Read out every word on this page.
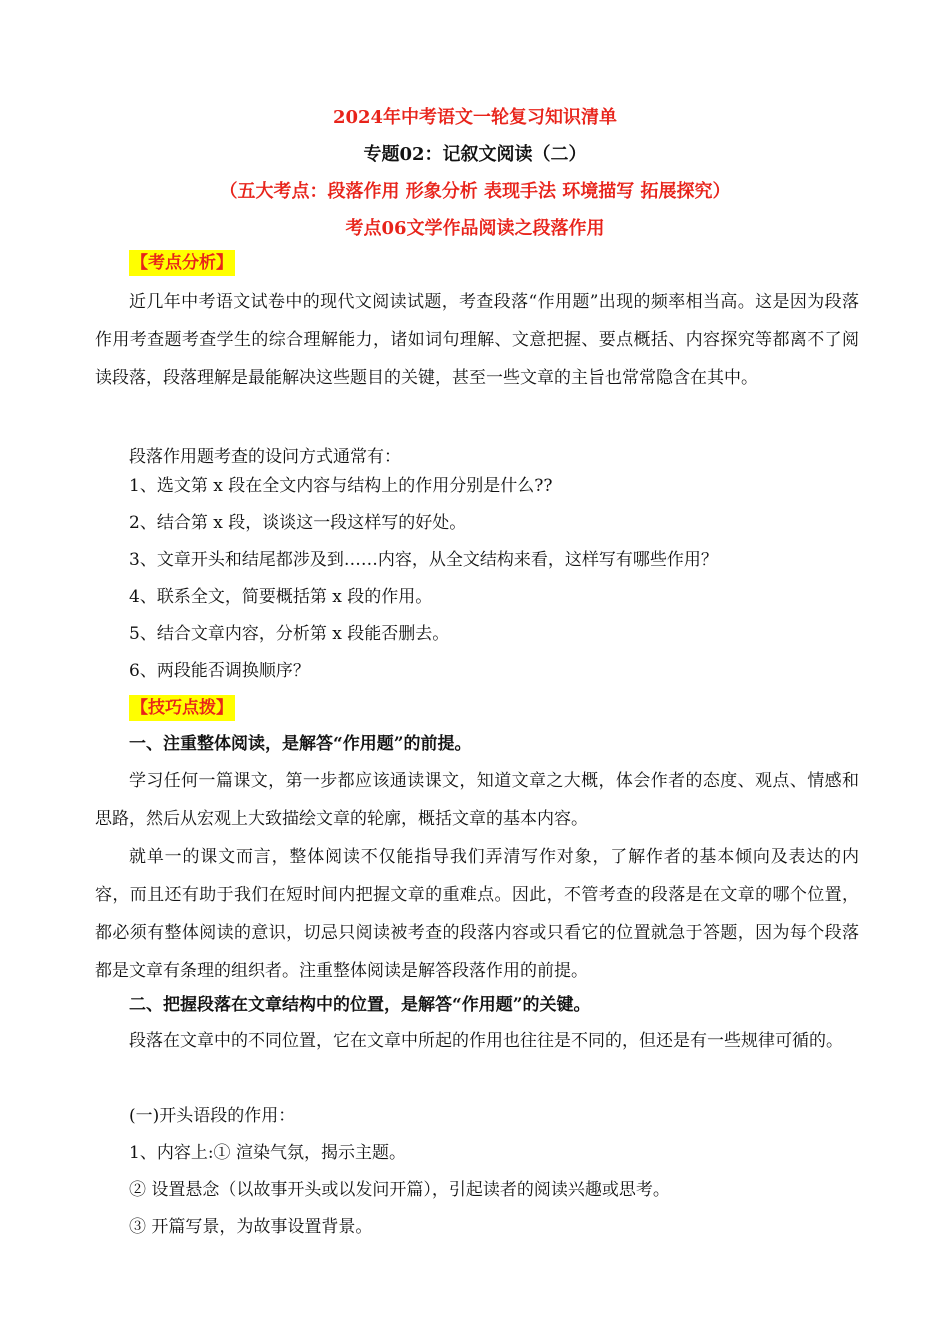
2024年中考语文一轮复习知识清单
专题02：记叙文阅读（二）
（五大考点：段落作用 形象分析 表现手法 环境描写 拓展探究）
考点06文学作品阅读之段落作用
【考点分析】
近几年中考语文试卷中的现代文阅读试题，考查段落“作用题”出现的频率相当高。这是因为段落作用考查题考查学生的综合理解能力，诸如词句理解、文意把握、要点概括、内容探究等都离不了阅读段落，段落理解是最能解决这些题目的关键，甚至一些文章的主旨也常常隐含在其中。
段落作用题考查的设问方式通常有：
1、选文第 x 段在全文内容与结构上的作用分别是什么??
2、结合第 x 段，谈谈这一段这样写的好处。
3、文章开头和结尾都涉及到……内容，从全文结构来看，这样写有哪些作用？
4、联系全文，简要概括第 x 段的作用。
5、结合文章内容，分析第 x 段能否删去。
6、两段能否调换顺序？
【技巧点拨】
一、注重整体阅读，是解答“作用题”的前提。
学习任何一篇课文，第一步都应该通读课文，知道文章之大概，体会作者的态度、观点、情感和思路，然后从宏观上大致描绘文章的轮廓，概括文章的基本内容。
就单一的课文而言，整体阅读不仅能指导我们弄清写作对象，了解作者的基本倾向及表达的内容，而且还有助于我们在短时间内把握文章的重难点。因此，不管考查的段落是在文章的哪个位置，都必须有整体阅读的意识，切忌只阅读被考查的段落内容或只看它的位置就急于答题，因为每个段落都是文章有条理的组织者。注重整体阅读是解答段落作用的前提。
二、把握段落在文章结构中的位置，是解答“作用题”的关键。
段落在文章中的不同位置，它在文章中所起的作用也往往是不同的，但还是有一些规律可循的。
(一)开头语段的作用：
1、内容上:① 渲染气氛，揭示主题。
② 设置悬念（以故事开头或以发问开篇），引起读者的阅读兴趣或思考。
③ 开篇写景，为故事设置背景。
